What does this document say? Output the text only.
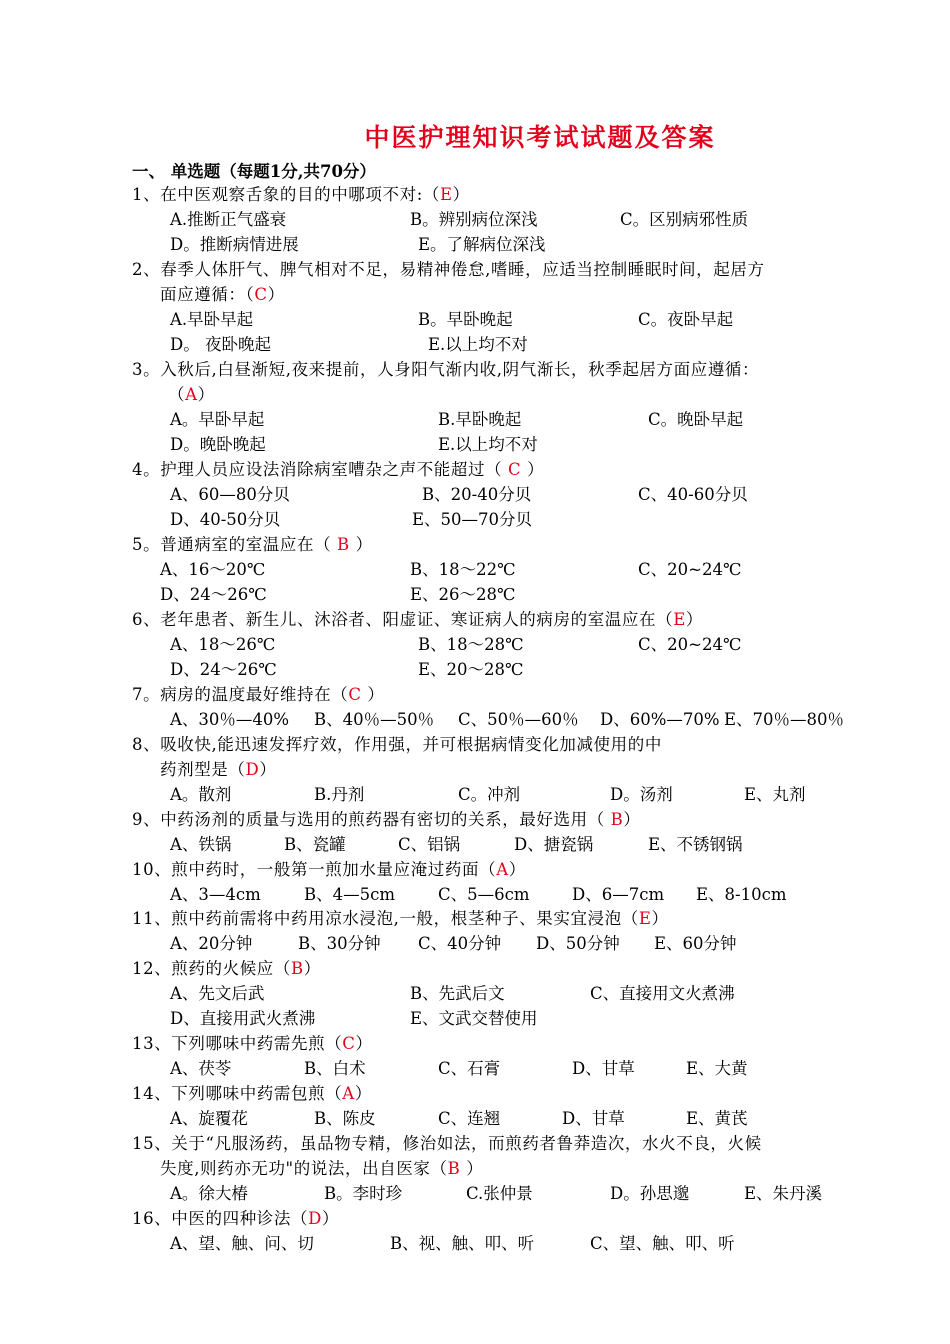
中医护理知识考试试题及答案
一、 单选题（每题1分,共70分）
1、在中医观察舌象的目的中哪项不对:（E）
A.推断正气盛衰	B。辨别病位深浅	C。区别病邪性质
D。推断病情进展	E。了解病位深浅
2、春季人体肝气、脾气相对不足，易精神倦怠,嗜睡，应适当控制睡眠时间，起居方
面应遵循：（C）
A.早卧早起	B。早卧晚起	C。夜卧早起
D。 夜卧晚起	E.以上均不对
3。入秋后,白昼渐短,夜来提前，人身阳气渐内收,阴气渐长，秋季起居方面应遵循：
（A）
A。早卧早起	B.早卧晚起	C。晚卧早起
D。晚卧晚起	E.以上均不对
4。护理人员应设法消除病室嘈杂之声不能超过（ C ）
A、60—80分贝	B、20-40分贝	C、40-60分贝
D、40-50分贝	E、50—70分贝
5。普通病室的室温应在（ B ）
A、16～20℃	B、18～22℃	C、20~24℃
D、24～26℃	E、26～28℃
6、老年患者、新生儿、沐浴者、阳虚证、寒证病人的病房的室温应在（E）
A、18～26℃	B、18～28℃	C、20~24℃
D、24～26℃	E、20～28℃
7。病房的温度最好维持在（C ）
A、30％—40% B、40％—50％ C、50％—60％ D、60%—70% E、70％—80％
8、吸收快,能迅速发挥疗效，作用强，并可根据病情变化加减使用的中
药剂型是（D）
A。散剂	B.丹剂	C。冲剂	D。汤剂	E、丸剂
9、中药汤剂的质量与选用的煎药器有密切的关系，最好选用（ B）
A、铁锅	B、瓷罐	C、铝锅	D、搪瓷锅	E、不锈钢锅
10、煎中药时，一般第一煎加水量应淹过药面（A）
A、3—4cm	B、4—5cm	C、5—6cm	D、6—7cm E、8-10cm
11、煎中药前需将中药用凉水浸泡,一般，根茎种子、果实宜浸泡（E）
A、20分钟	B、30分钟 C、40分钟 D、50分钟 E、60分钟
12、煎药的火候应（B）
A、先文后武	B、先武后文	C、直接用文火煮沸
D、直接用武火煮沸	E、文武交替使用
13、下列哪味中药需先煎（C）
A、茯苓	B、白术	C、石膏	D、甘草	E、大黄
14、下列哪味中药需包煎（A）
A、旋覆花	B、陈皮	C、连翘	D、甘草	E、黄芪
15、关于“凡服汤药，虽品物专精，修治如法，而煎药者鲁莽造次，水火不良，火候
失度,则药亦无功"的说法，出自医家（B ）
A。徐大椿	B。李时珍	C.张仲景	D。孙思邈	E、朱丹溪
16、中医的四种诊法（D）
A、望、触、问、切	B、视、触、叩、听	C、望、触、叩、听
